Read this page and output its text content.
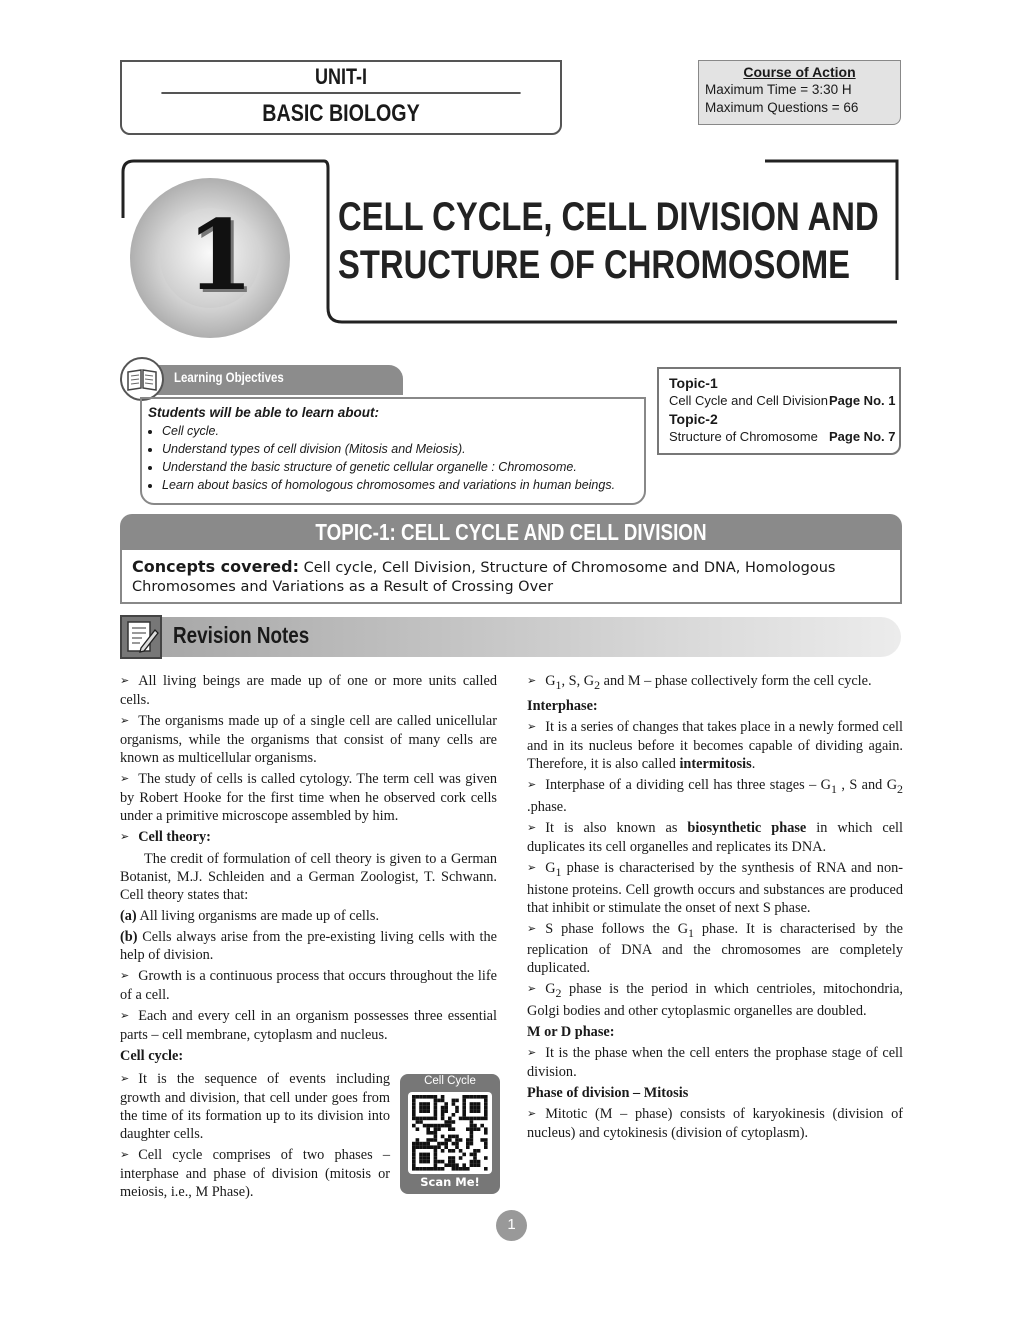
UNIT-I
BASIC BIOLOGY
Course of Action
Maximum Time = 3:30 H
Maximum Questions = 66
1 CELL CYCLE, CELL DIVISION AND
STRUCTURE OF CHROMOSOME
Learning Objectives
Students will be able to learn about:
• Cell cycle.
• Understand types of cell division (Mitosis and Meiosis).
• Understand the basic structure of genetic cellular organelle : Chromosome.
• Learn about basics of homologous chromosomes and variations in human beings.
Topic-1
Cell Cycle and Cell Division Page No. 1
Topic-2
Structure of Chromosome Page No. 7
TOPIC-1: CELL CYCLE AND CELL DIVISION
Concepts covered: Cell cycle, Cell Division, Structure of Chromosome and DNA, Homologous Chromosomes and Variations as a Result of Crossing Over
Revision Notes

➢ All living beings are made up of one or more units called cells.

➢ The organisms made up of a single cell are called unicellular organisms, while the organisms that consist of many cells are known as multicellular organisms.

➢ The study of cells is called cytology. The term cell was given by Robert Hooke for the first time when he observed cork cells under a primitive microscope assembled by him.

➢ Cell theory:

The credit of formulation of cell theory is given to a German Botanist, M.J. Schleiden and a German Zoologist, T. Schwann. Cell theory states that:

(a) All living organisms are made up of cells.

(b) Cells always arise from the pre-existing living cells with the help of division.

➢ Growth is a continuous process that occurs throughout the life of a cell.

➢ Each and every cell in an organism possesses three essential parts – cell membrane, cytoplasm and nucleus.

Cell cycle:

➢ It is the sequence of events including growth and division, that cell under goes from the time of its formation up to its division into daughter cells.

➢ Cell cycle comprises of two phases – interphase and phase of division (mitosis or meiosis, i.e., M Phase).

Cell Cycle
Scan Me!

➢ $G_1$, S, $G_2$ and M – phase collectively form the cell cycle.

Interphase:

➢ It is a series of changes that takes place in a newly formed cell and in its nucleus before it becomes capable of dividing again. Therefore, it is also called intermitosis.

➢ Interphase of a dividing cell has three stages – $G_1$ , S and $G_2$ .phase.

➢ It is also known as biosynthetic phase in which cell duplicates its cell organelles and replicates its DNA.

➢ $G_1$ phase is characterised by the synthesis of RNA and non-histone proteins. Cell growth occurs and substances are produced that inhibit or stimulate the onset of next S phase.

➢ S phase follows the $G_1$ phase. It is characterised by the replication of DNA and the chromosomes are completely duplicated.

➢ $G_2$ phase is the period in which centrioles, mitochondria, Golgi bodies and other cytoplasmic organelles are doubled.

M or D phase:

➢ It is the phase when the cell enters the prophase stage of cell division.

Phase of division – Mitosis

➢ Mitotic (M – phase) consists of karyokinesis (division of nucleus) and cytokinesis (division of cytoplasm).

1
